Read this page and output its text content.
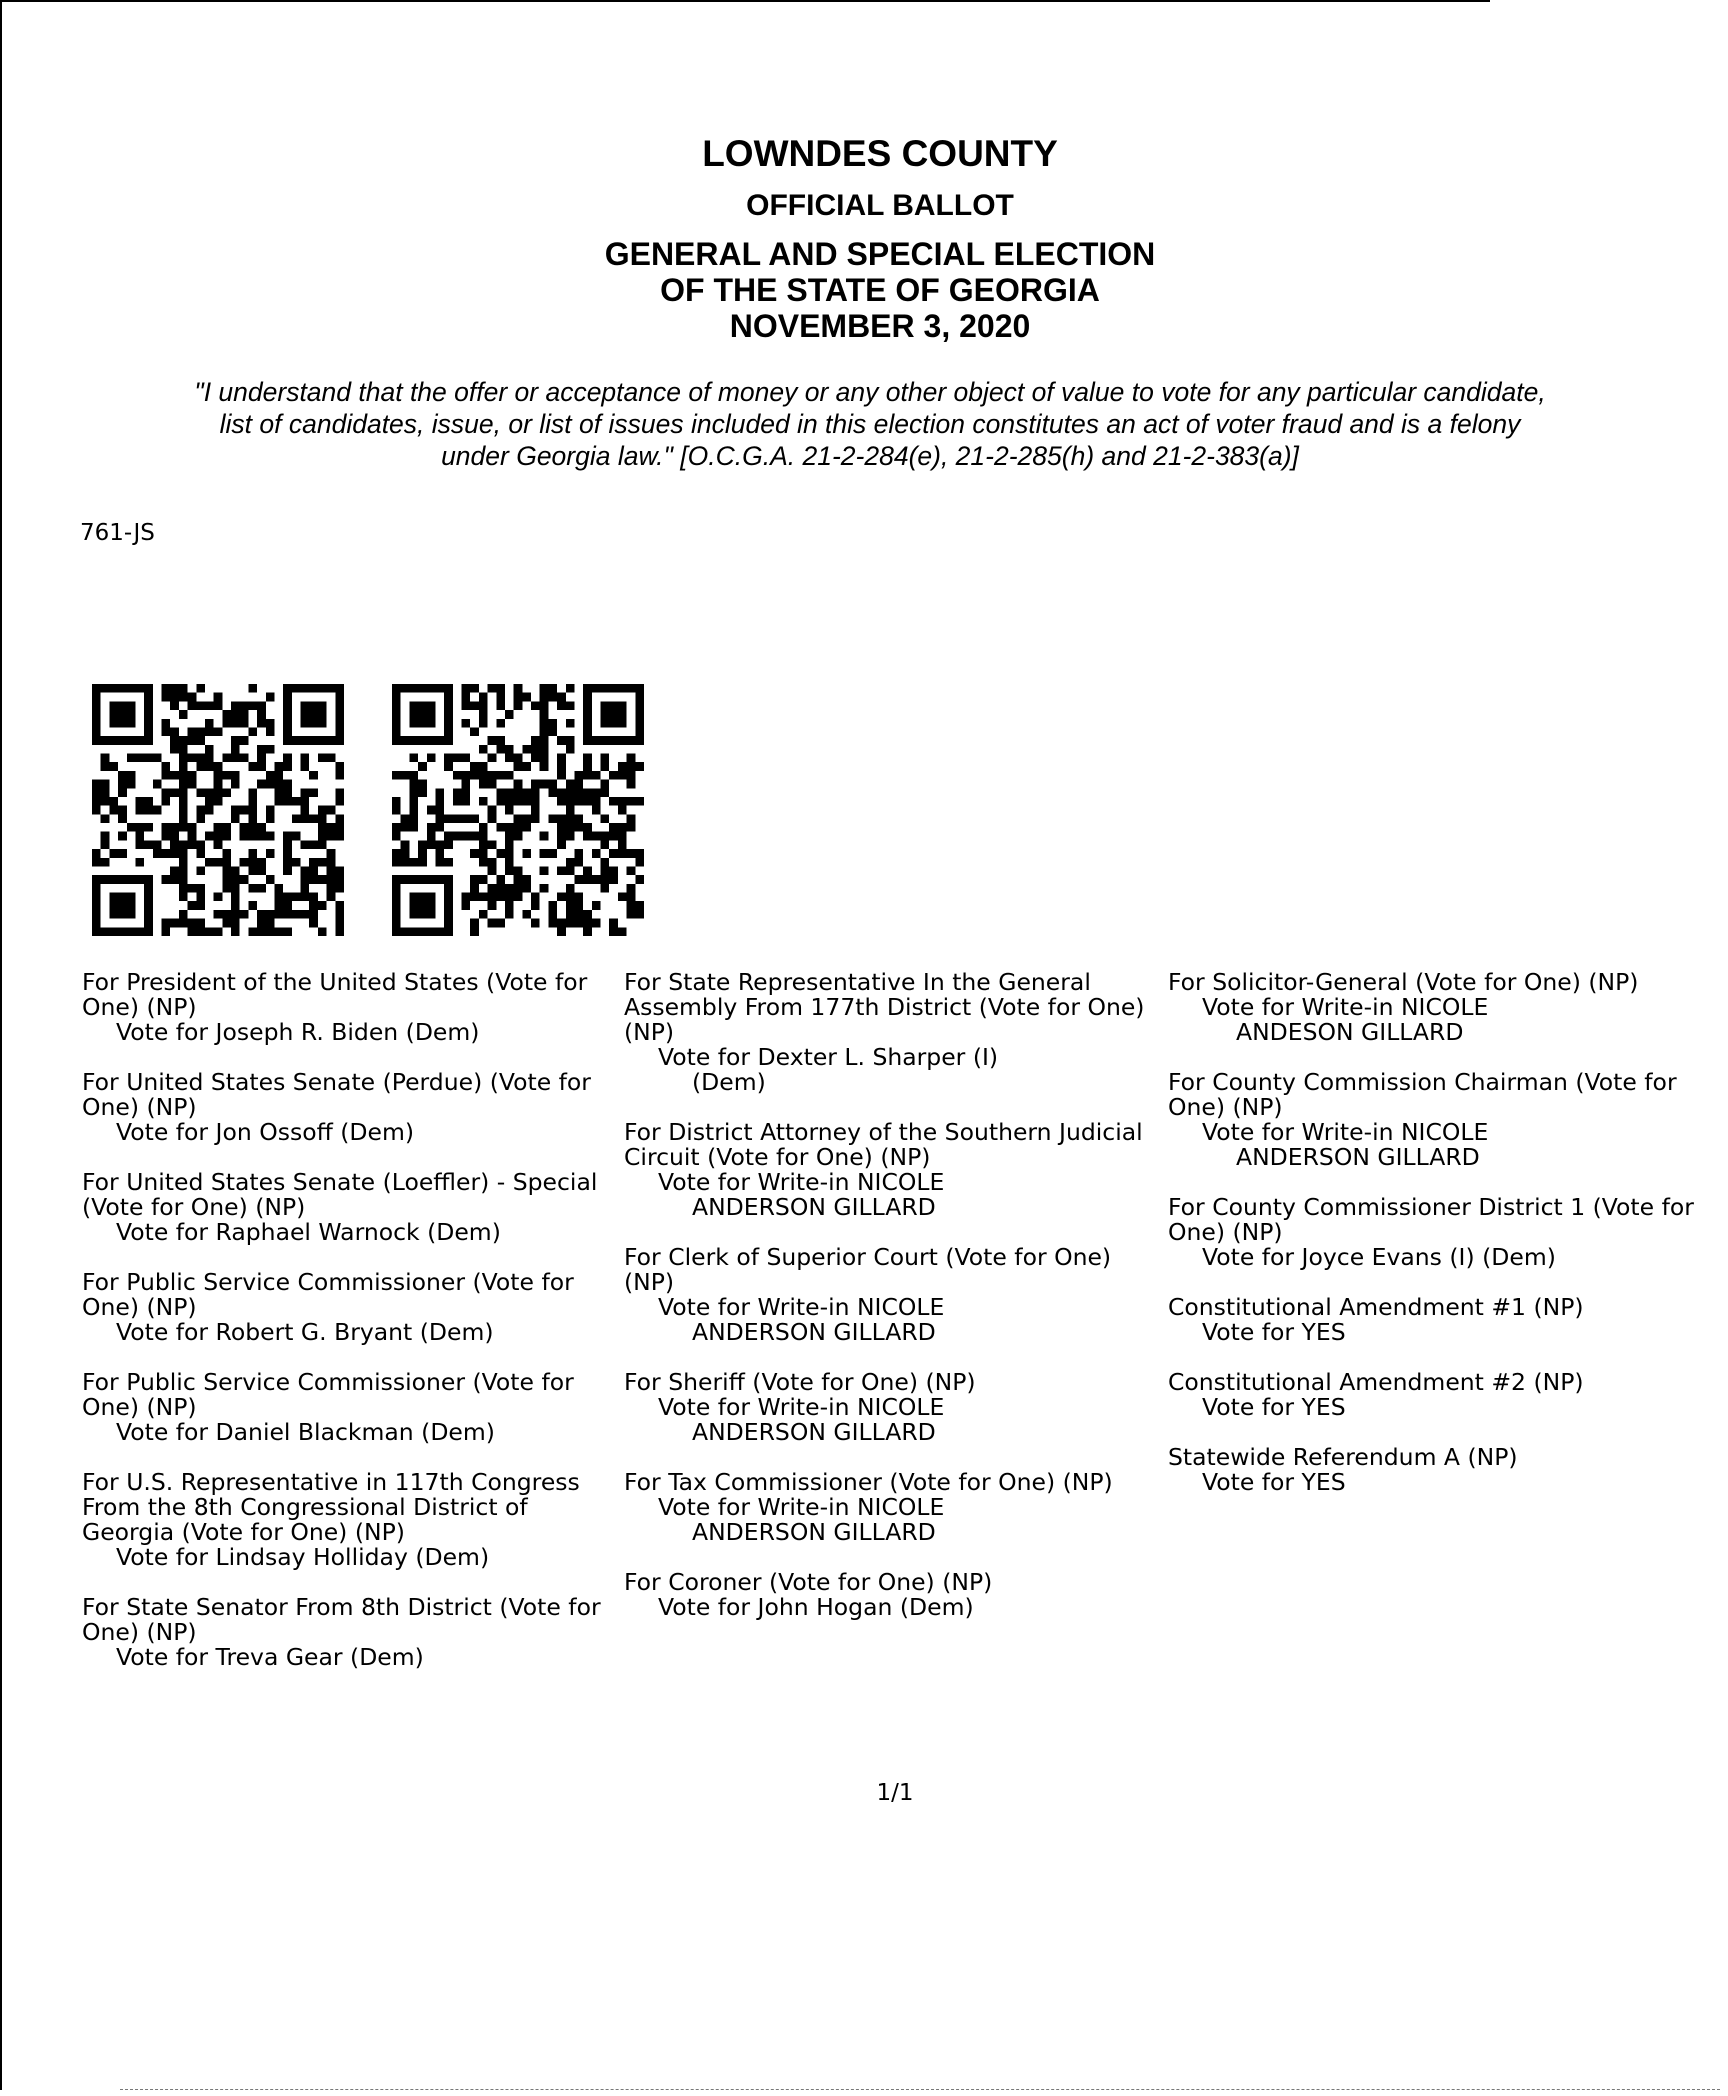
LOWNDES COUNTY
OFFICIAL BALLOT
GENERAL AND SPECIAL ELECTION
OF THE STATE OF GEORGIA
NOVEMBER 3, 2020
"I understand that the offer or acceptance of money or any other object of value to vote for any particular candidate,
list of candidates, issue, or list of issues included in this election constitutes an act of voter fraud and is a felony
under Georgia law." [O.C.G.A. 21-2-284(e), 21-2-285(h) and 21-2-383(a)]
761-JS
For President of the United States (Vote for One) (NP)
Vote for Joseph R. Biden (Dem)
For United States Senate (Perdue) (Vote for One) (NP)
Vote for Jon Ossoff (Dem)
For United States Senate (Loeffler) - Special (Vote for One) (NP)
Vote for Raphael Warnock (Dem)
For Public Service Commissioner (Vote for One) (NP)
Vote for Robert G. Bryant (Dem)
For Public Service Commissioner (Vote for One) (NP)
Vote for Daniel Blackman (Dem)
For U.S. Representative in 117th Congress From the 8th Congressional District of Georgia (Vote for One) (NP)
Vote for Lindsay Holliday (Dem)
For State Senator From 8th District (Vote for One) (NP)
Vote for Treva Gear (Dem)
For State Representative In the General Assembly From 177th District (Vote for One) (NP)
Vote for Dexter L. Sharper (I)
(Dem)
For District Attorney of the Southern Judicial Circuit (Vote for One) (NP)
Vote for Write-in NICOLE
ANDERSON GILLARD
For Clerk of Superior Court (Vote for One) (NP)
Vote for Write-in NICOLE
ANDERSON GILLARD
For Sheriff (Vote for One) (NP)
Vote for Write-in NICOLE
ANDERSON GILLARD
For Tax Commissioner (Vote for One) (NP)
Vote for Write-in NICOLE
ANDERSON GILLARD
For Coroner (Vote for One) (NP)
Vote for John Hogan (Dem)
For Solicitor-General (Vote for One) (NP)
Vote for Write-in NICOLE
ANDESON GILLARD
For County Commission Chairman (Vote for One) (NP)
Vote for Write-in NICOLE
ANDERSON GILLARD
For County Commissioner District 1 (Vote for One) (NP)
Vote for Joyce Evans (I) (Dem)
Constitutional Amendment #1 (NP)
Vote for YES
Constitutional Amendment #2 (NP)
Vote for YES
Statewide Referendum A (NP)
Vote for YES
1/1
